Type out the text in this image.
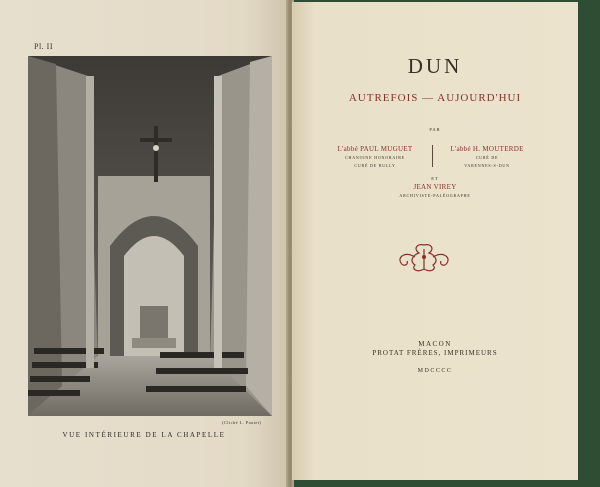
Pl. II
(Cliché L. Pautet)
VUE INTÉRIEURE DE LA CHAPELLE
DUN
AUTREFOIS — AUJOURD'HUI
PAR
L'abbé PAUL MUGUET
CHANOINE HONORAIRE
CURÉ DE BULLY
L'abbé H. MOUTERDE
CURÉ DE
VARENNES-S-DUN
ET
JEAN VIREY
ARCHIVISTE-PALÉOGRAPHE
MACON
PROTAT FRÈRES, IMPRIMEURS
MDCCCC
